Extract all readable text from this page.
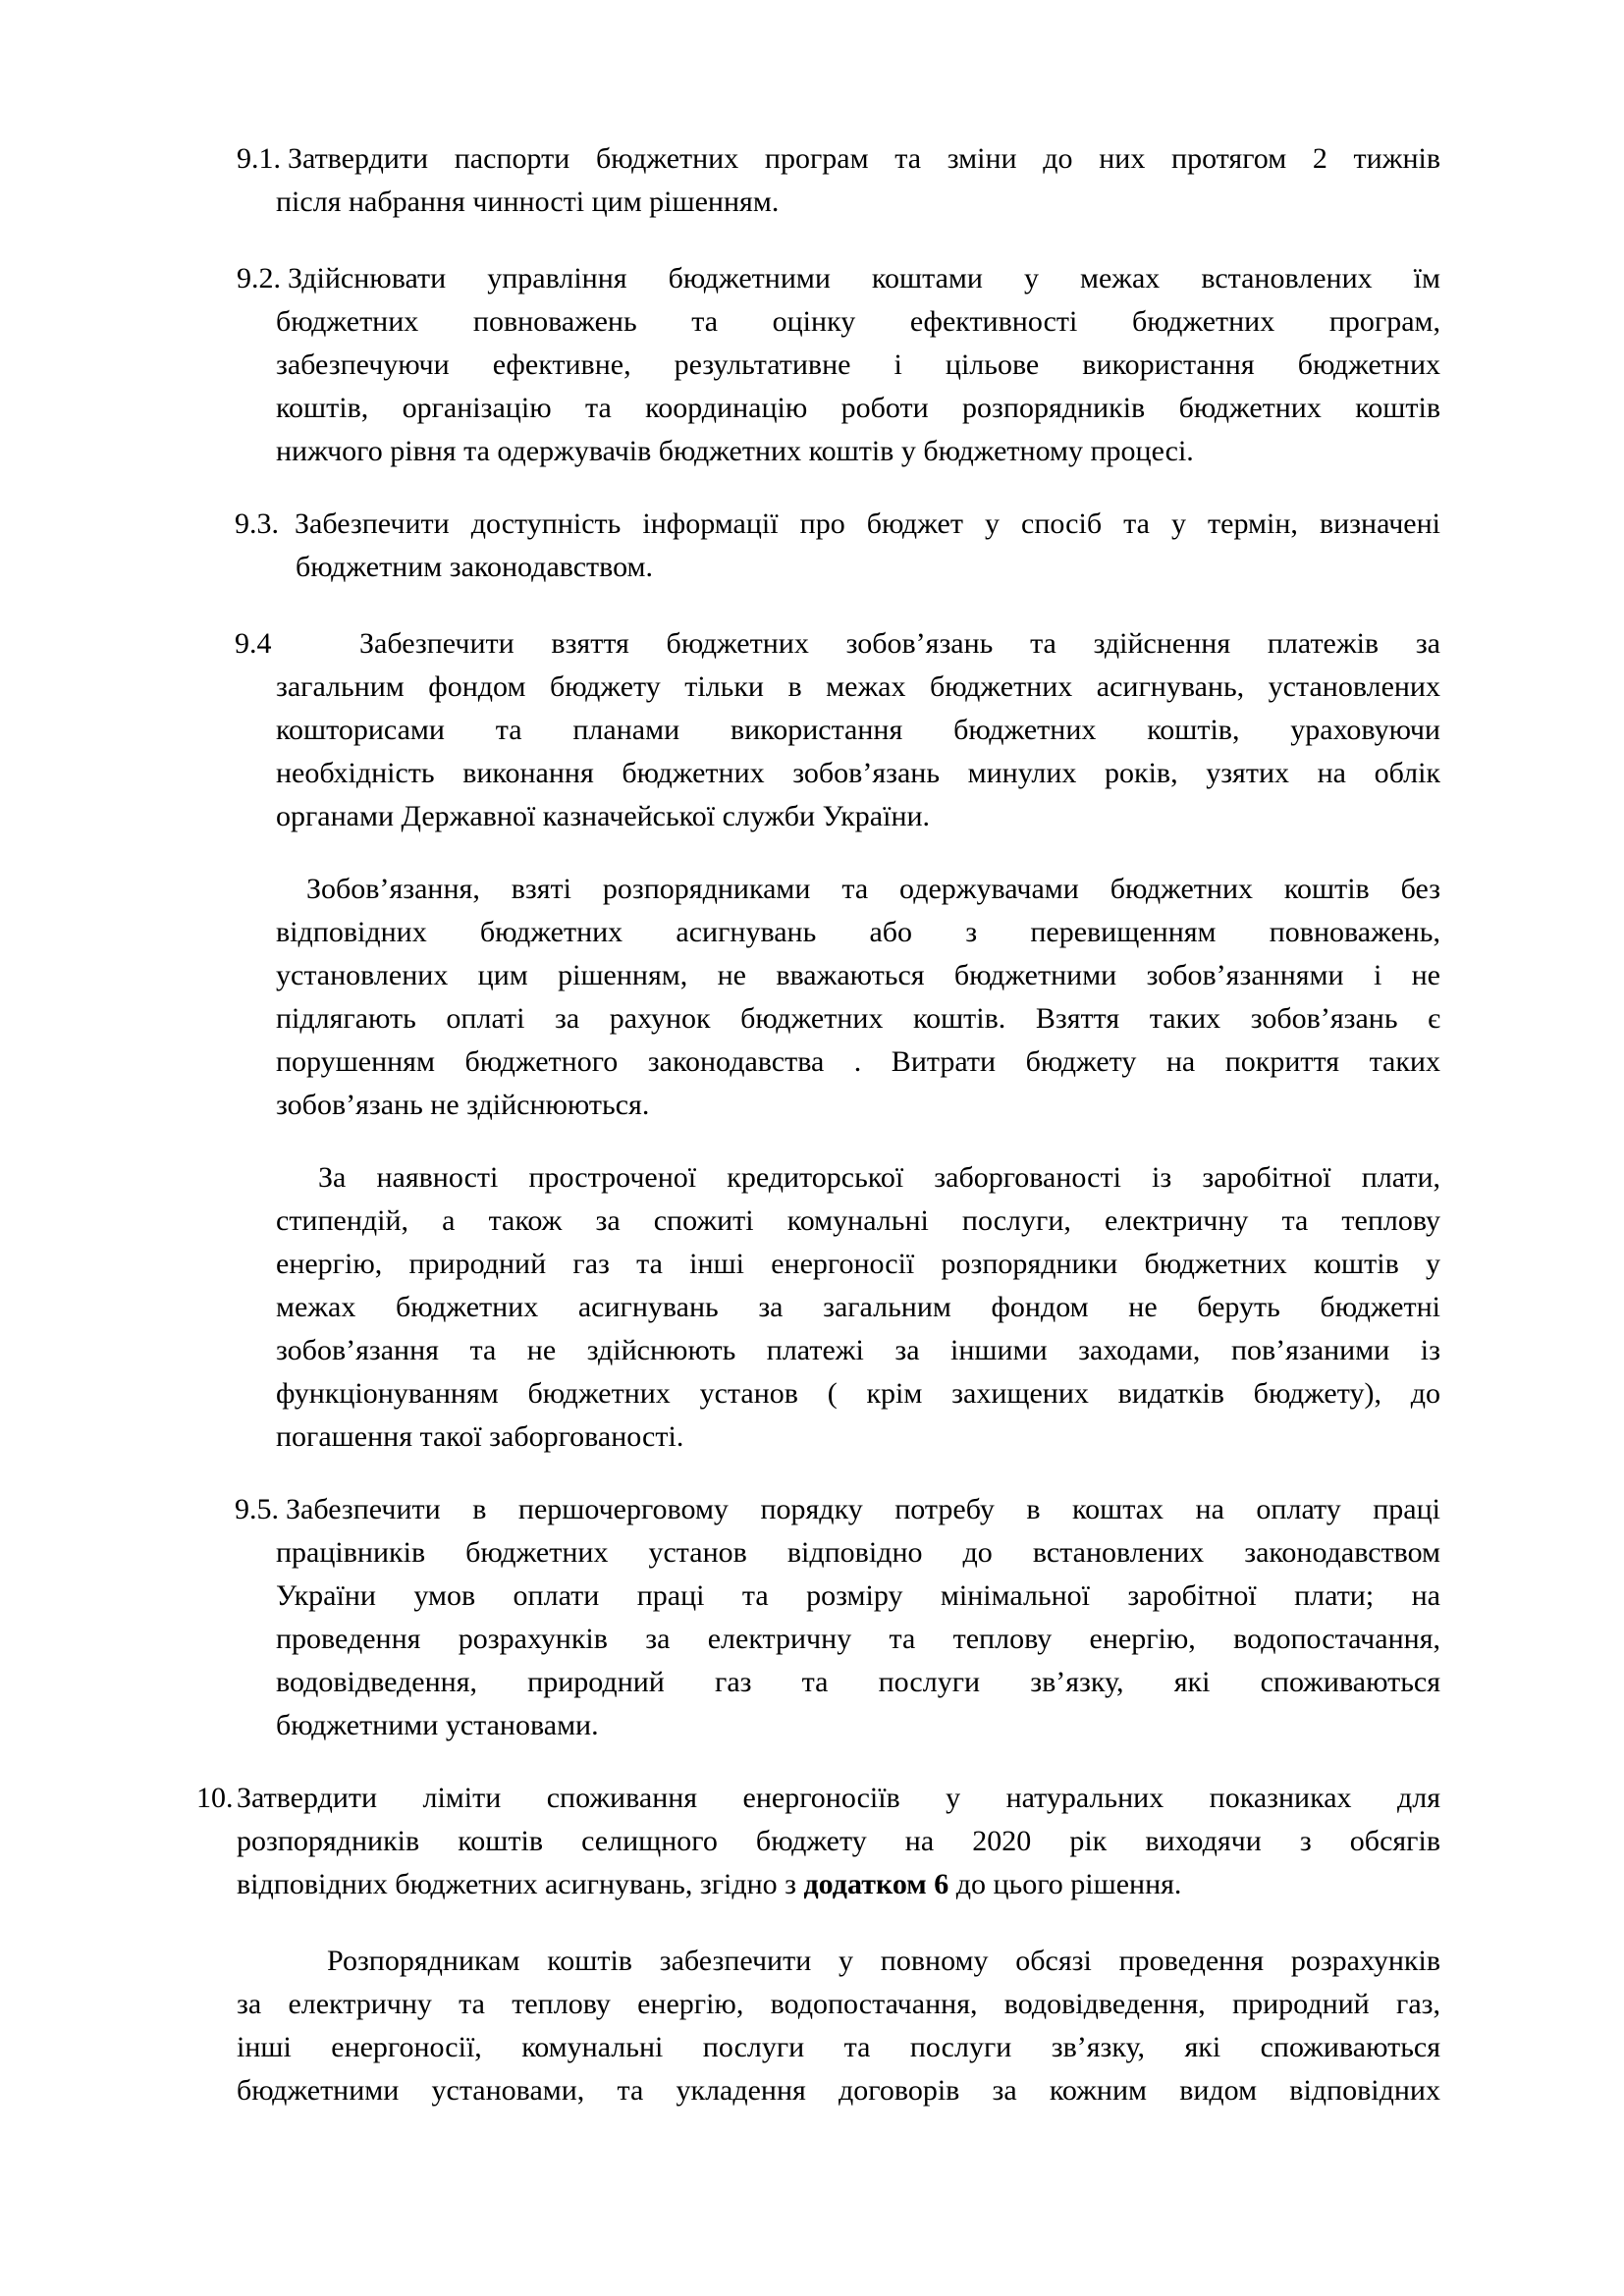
9.1. Затвердити паспорти бюджетних програм та зміни до них протягом 2 тижнів
після набрання чинності цим рішенням.
9.2. Здійснювати управління бюджетними коштами у межах встановлених їм
бюджетних повноважень та оцінку ефективності бюджетних програм,
забезпечуючи ефективне, результативне і цільове використання бюджетних
коштів, організацію та координацію роботи розпорядників бюджетних коштів
нижчого рівня та одержувачів бюджетних коштів у бюджетному процесі.
9.3. Забезпечити доступність інформації про бюджет у спосіб та у термін, визначені
бюджетним законодавством.
9.4	Забезпечити взяття бюджетних зобов’язань та здійснення платежів за
загальним фондом бюджету тільки в межах бюджетних асигнувань, установлених
кошторисами та планами використання бюджетних коштів, ураховуючи
необхідність виконання бюджетних зобов’язань минулих років, узятих на облік
органами Державної казначейської служби України.
Зобов’язання, взяті розпорядниками та одержувачами бюджетних коштів без
відповідних бюджетних асигнувань або з перевищенням повноважень,
установлених цим рішенням, не вважаються бюджетними зобов’язаннями і не
підлягають оплаті за рахунок бюджетних коштів. Взяття таких зобов’язань є
порушенням бюджетного законодавства . Витрати бюджету на покриття таких
зобов’язань не здійснюються.
За наявності простроченої кредиторської заборгованості із заробітної плати,
стипендій, а також за спожиті комунальні послуги, електричну та теплову
енергію, природний газ та інші енергоносії розпорядники бюджетних коштів у
межах бюджетних асигнувань за загальним фондом не беруть бюджетні
зобов’язання та не здійснюють платежі за іншими заходами, пов’язаними із
функціонуванням бюджетних установ ( крім захищених видатків бюджету), до
погашення такої заборгованості.
9.5. Забезпечити в першочерговому порядку потребу в коштах на оплату праці
працівників бюджетних установ відповідно до встановлених законодавством
України умов оплати праці та розміру мінімальної заробітної плати; на
проведення розрахунків за електричну та теплову енергію, водопостачання,
водовідведення, природний газ та послуги зв’язку, які споживаються
бюджетними установами.
10. Затвердити ліміти споживання енергоносіїв у натуральних показниках для
розпорядників коштів селищного бюджету на 2020 рік виходячи з обсягів
відповідних бюджетних асигнувань, згідно з додатком 6 до цього рішення.
Розпорядникам коштів забезпечити у повному обсязі проведення розрахунків
за електричну та теплову енергію, водопостачання, водовідведення, природний газ,
інші енергоносії, комунальні послуги та послуги зв’язку, які споживаються
бюджетними установами, та укладення договорів за кожним видом відповідних
